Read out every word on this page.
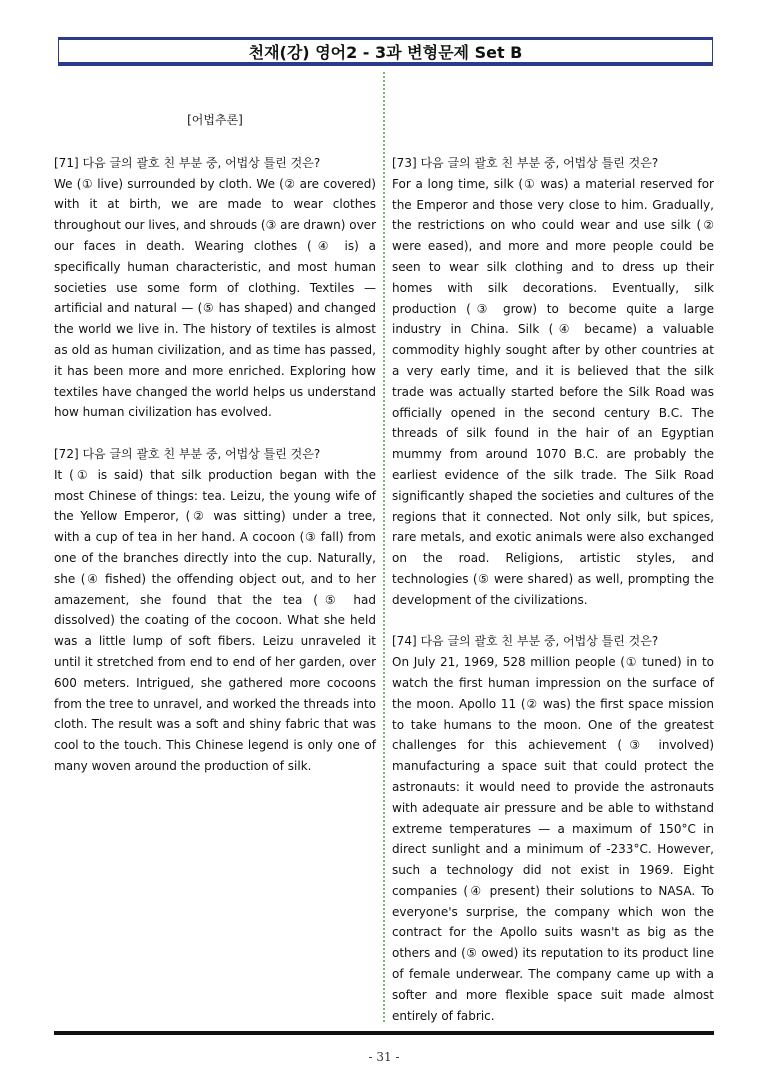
천재(강) 영어2 - 3과 변형문제 Set B

[어법추론]

[71] 다음 글의 괄호 친 부분 중, 어법상 틀린 것은?

We (① live) surrounded by cloth. We (② are covered) with it at birth, we are made to wear clothes throughout our lives, and shrouds (③ are drawn) over our faces in death. Wearing clothes (④ is) a specifically human characteristic, and most human societies use some form of clothing. Textiles — artificial and natural — (⑤ has shaped) and changed the world we live in. The history of textiles is almost as old as human civilization, and as time has passed, it has been more and more enriched. Exploring how textiles have changed the world helps us understand how human civilization has evolved.

[72] 다음 글의 괄호 친 부분 중, 어법상 틀린 것은?

It (① is said) that silk production began with the most Chinese of things: tea. Leizu, the young wife of the Yellow Emperor, (② was sitting) under a tree, with a cup of tea in her hand. A cocoon (③ fall) from one of the branches directly into the cup. Naturally, she (④ fished) the offending object out, and to her amazement, she found that the tea (⑤ had dissolved) the coating of the cocoon. What she held was a little lump of soft fibers. Leizu unraveled it until it stretched from end to end of her garden, over 600 meters. Intrigued, she gathered more cocoons from the tree to unravel, and worked the threads into cloth. The result was a soft and shiny fabric that was cool to the touch. This Chinese legend is only one of many woven around the production of silk.

[73] 다음 글의 괄호 친 부분 중, 어법상 틀린 것은?

For a long time, silk (① was) a material reserved for the Emperor and those very close to him. Gradually, the restrictions on who could wear and use silk (② were eased), and more and more people could be seen to wear silk clothing and to dress up their homes with silk decorations. Eventually, silk production (③ grow) to become quite a large industry in China. Silk (④ became) a valuable commodity highly sought after by other countries at a very early time, and it is believed that the silk trade was actually started before the Silk Road was officially opened in the second century B.C. The threads of silk found in the hair of an Egyptian mummy from around 1070 B.C. are probably the earliest evidence of the silk trade. The Silk Road significantly shaped the societies and cultures of the regions that it connected. Not only silk, but spices, rare metals, and exotic animals were also exchanged on the road. Religions, artistic styles, and technologies (⑤ were shared) as well, prompting the development of the civilizations.

[74] 다음 글의 괄호 친 부분 중, 어법상 틀린 것은?

On July 21, 1969, 528 million people (① tuned) in to watch the first human impression on the surface of the moon. Apollo 11 (② was) the first space mission to take humans to the moon. One of the greatest challenges for this achievement (③ involved) manufacturing a space suit that could protect the astronauts: it would need to provide the astronauts with adequate air pressure and be able to withstand extreme temperatures — a maximum of 150°C in direct sunlight and a minimum of -233°C. However, such a technology did not exist in 1969. Eight companies (④ present) their solutions to NASA. To everyone's surprise, the company which won the contract for the Apollo suits wasn't as big as the others and (⑤ owed) its reputation to its product line of female underwear. The company came up with a softer and more flexible space suit made almost entirely of fabric.

- 31 -
